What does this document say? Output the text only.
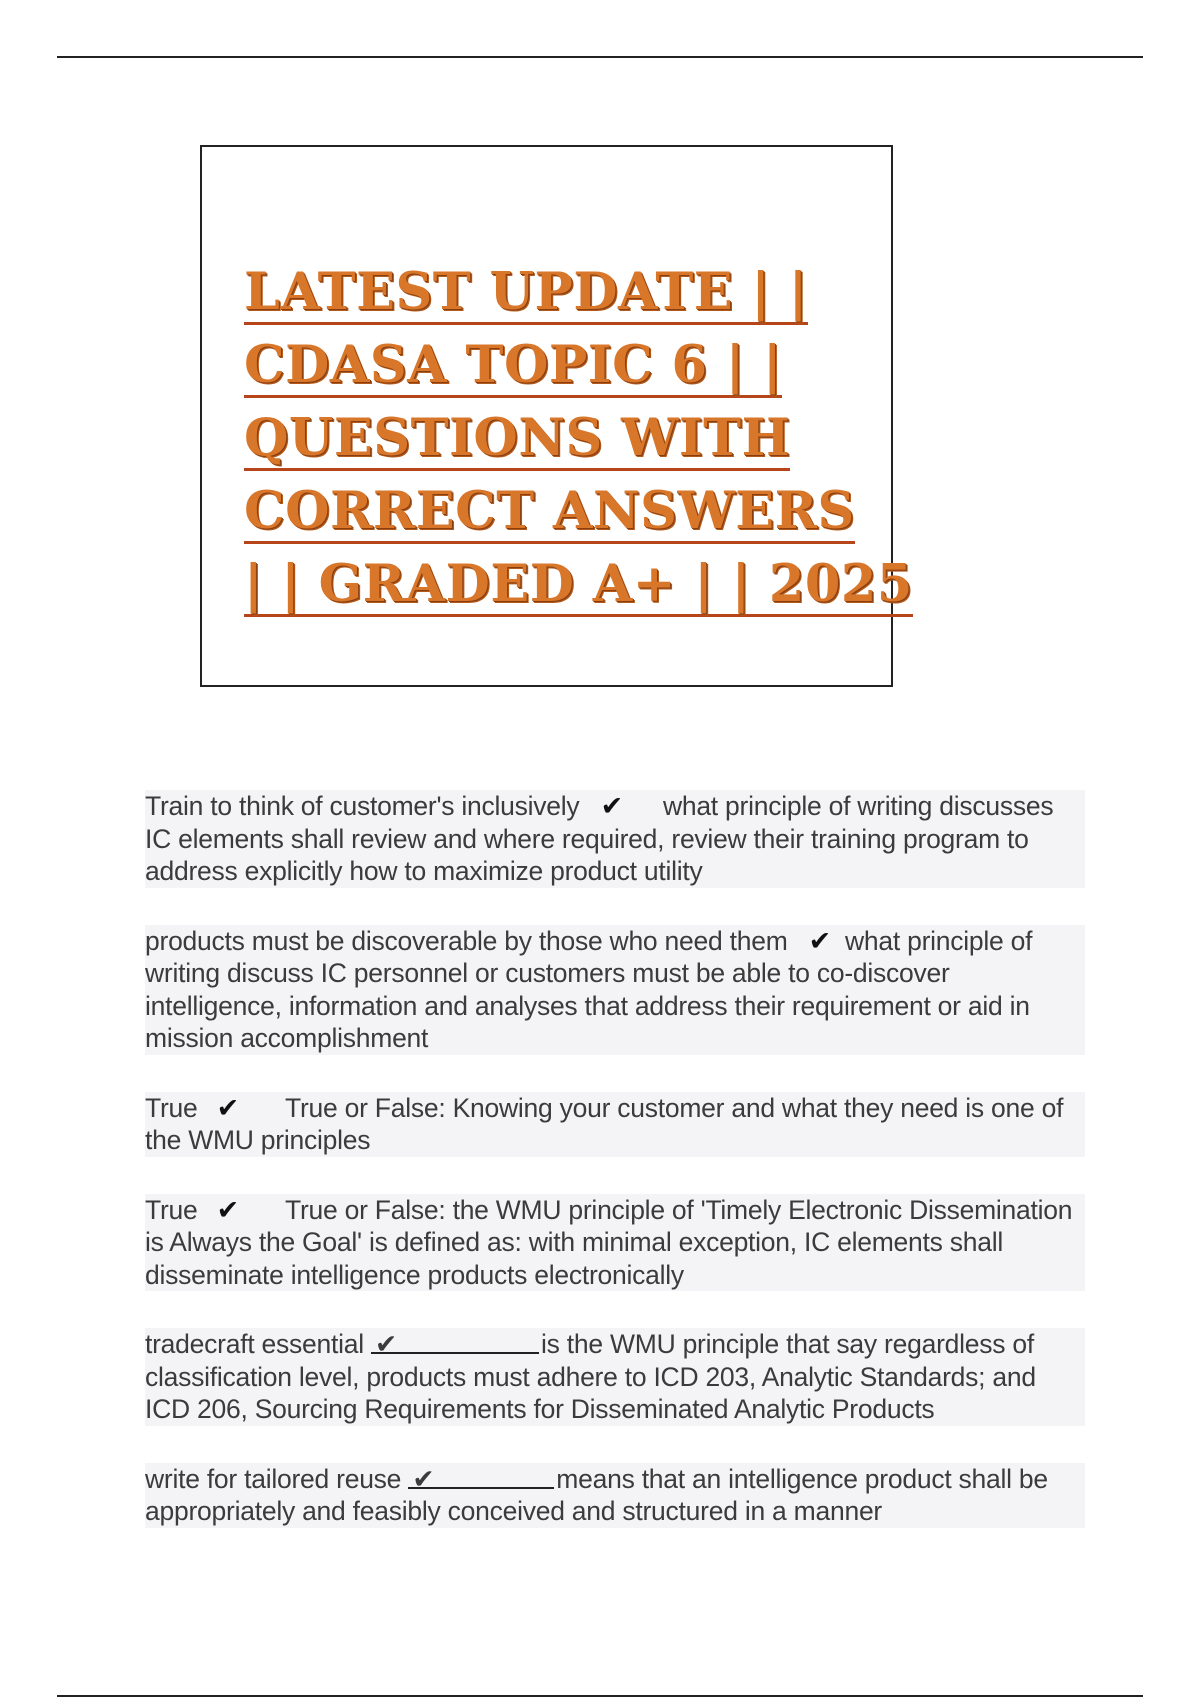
LATEST UPDATE | |
CDASA TOPIC 6 | |
QUESTIONS WITH
CORRECT ANSWERS
| | GRADED A+ | | 2025
Train to think of customer's inclusively ✔ what principle of writing discusses IC elements shall review and where required, review their training program to address explicitly how to maximize product utility
products must be discoverable by those who need them ✔ what principle of writing discuss IC personnel or customers must be able to co-discover intelligence, information and analyses that address their requirement or aid in mission accomplishment
True ✔ True or False: Knowing your customer and what they need is one of the WMU principles
True ✔ True or False: the WMU principle of 'Timely Electronic Dissemination is Always the Goal' is defined as: with minimal exception, IC elements shall disseminate intelligence products electronically
tradecraft essential ✔	is the WMU principle that say regardless of classification level, products must adhere to ICD 203, Analytic Standards; and ICD 206, Sourcing Requirements for Disseminated Analytic Products
write for tailored reuse ✔	means that an intelligence product shall be appropriately and feasibly conceived and structured in a manner
